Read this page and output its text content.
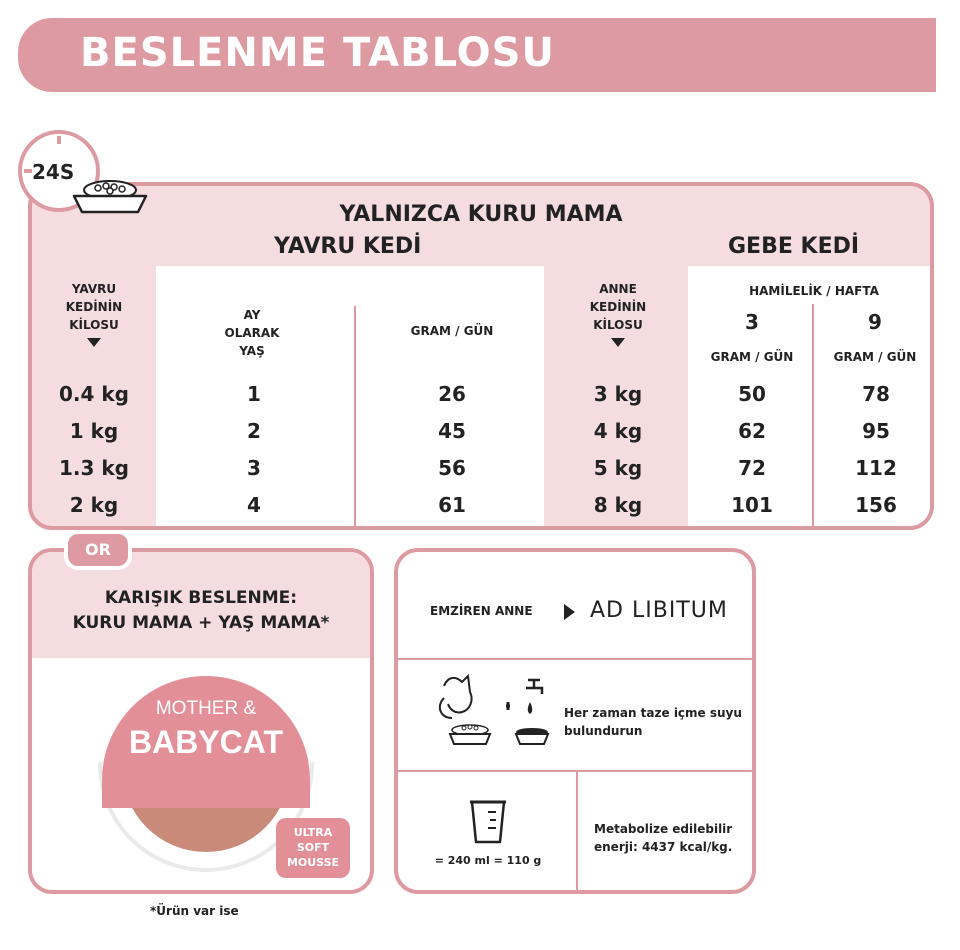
BESLENME TABLOSU
YALNIZCA KURU MAMA
YAVRU KEDİ	GEBE KEDİ
YAVRU
KEDİNİN
KİLOSU
AY
OLARAK
YAŞ
GRAM / GÜN
ANNE
KEDİNİN
KİLOSU
HAMİLELİK / HAFTA
3	9
GRAM / GÜN	GRAM / GÜN
0.4 kg	1	26	3 kg	50	78
1 kg	2	45	4 kg	62	95
1.3 kg	3	56	5 kg	72	112
2 kg	4	61	8 kg	101	156
24S
OR
KARIŞIK BESLENME:
KURU MAMA + YAŞ MAMA*
MOTHER &
BABYCAT
ULTRA
SOFT
MOUSSE
*Ürün var ise
EMZİREN ANNE	AD LIBITUM
Her zaman taze içme suyu bulundurun
= 240 ml = 110 g
Metabolize edilebilir enerji: 4437 kcal/kg.
